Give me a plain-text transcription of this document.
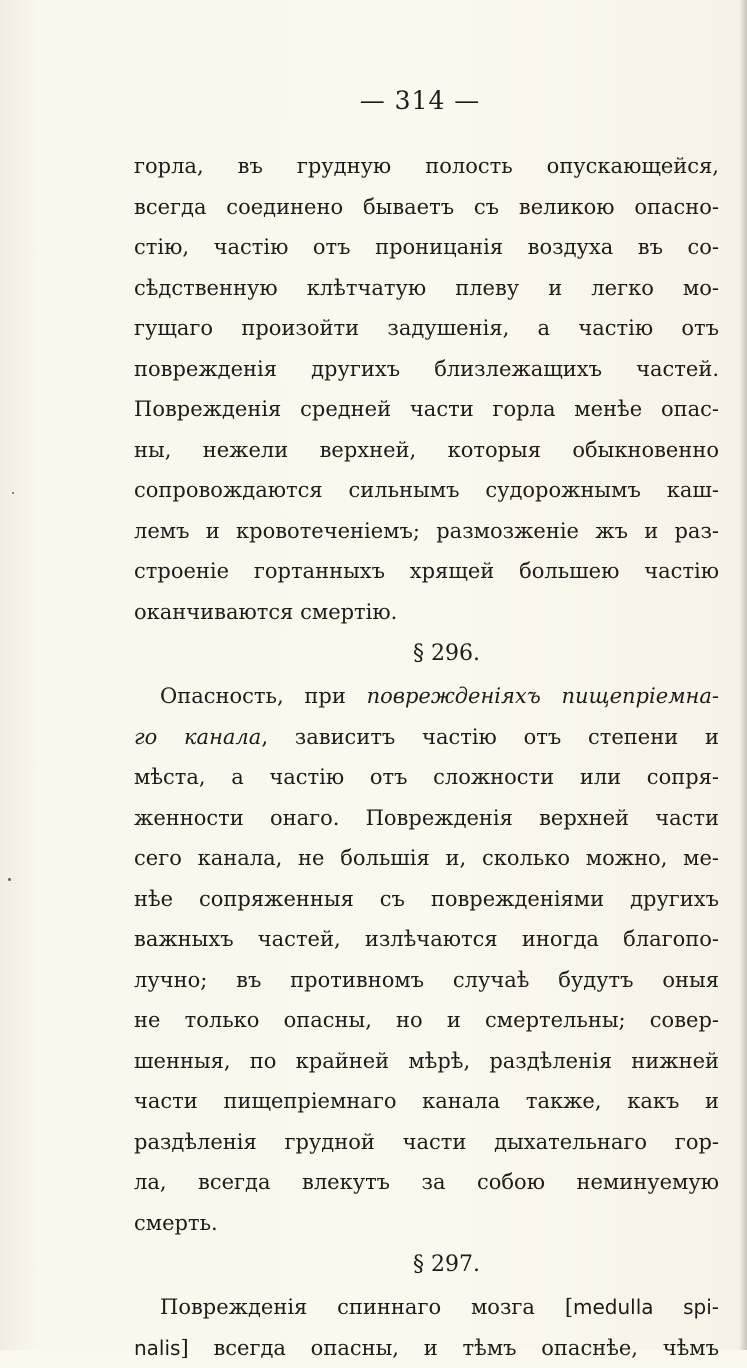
— 314 —
горла, въ грудную полость опускающейся,
всегда соединено бываетъ съ великою опасно-
стію, частію отъ проницанія воздуха въ со-
сѣдственную клѣтчатую плеву и легко мо-
гущаго произойти задушенія, а частію отъ
поврежденія другихъ близлежащихъ частей.
Поврежденія средней части горла менѣе опас-
ны, нежели верхней, которыя обыкновенно
сопровождаются сильнымъ судорожнымъ каш-
лемъ и кровотеченіемъ; размозженіе жъ и раз-
строеніе гортанныхъ хрящей большею частію
оканчиваются смертію.
§ 296.
Опасность, при поврежденіяхъ пищепріемна-
го канала, зависитъ частію отъ степени и
мѣста, а частію отъ сложности или сопря-
женности онаго. Поврежденія верхней части
сего канала, не большія и, сколько можно, ме-
нѣе сопряженныя съ поврежденіями другихъ
важныхъ частей, излѣчаются иногда благопо-
лучно; въ противномъ случаѣ будутъ оныя
не только опасны, но и смертельны; совер-
шенныя, по крайней мѣрѣ, раздѣленія нижней
части пищепріемнаго канала также, какъ и
раздѣленія грудной части дыхательнаго гор-
ла, всегда влекутъ за собою неминуемую
смерть.
§ 297.
Поврежденія спиннаго мозга [medulla spi-
nalis] всегда опасны, и тѣмъ опаснѣе, чѣмъ
